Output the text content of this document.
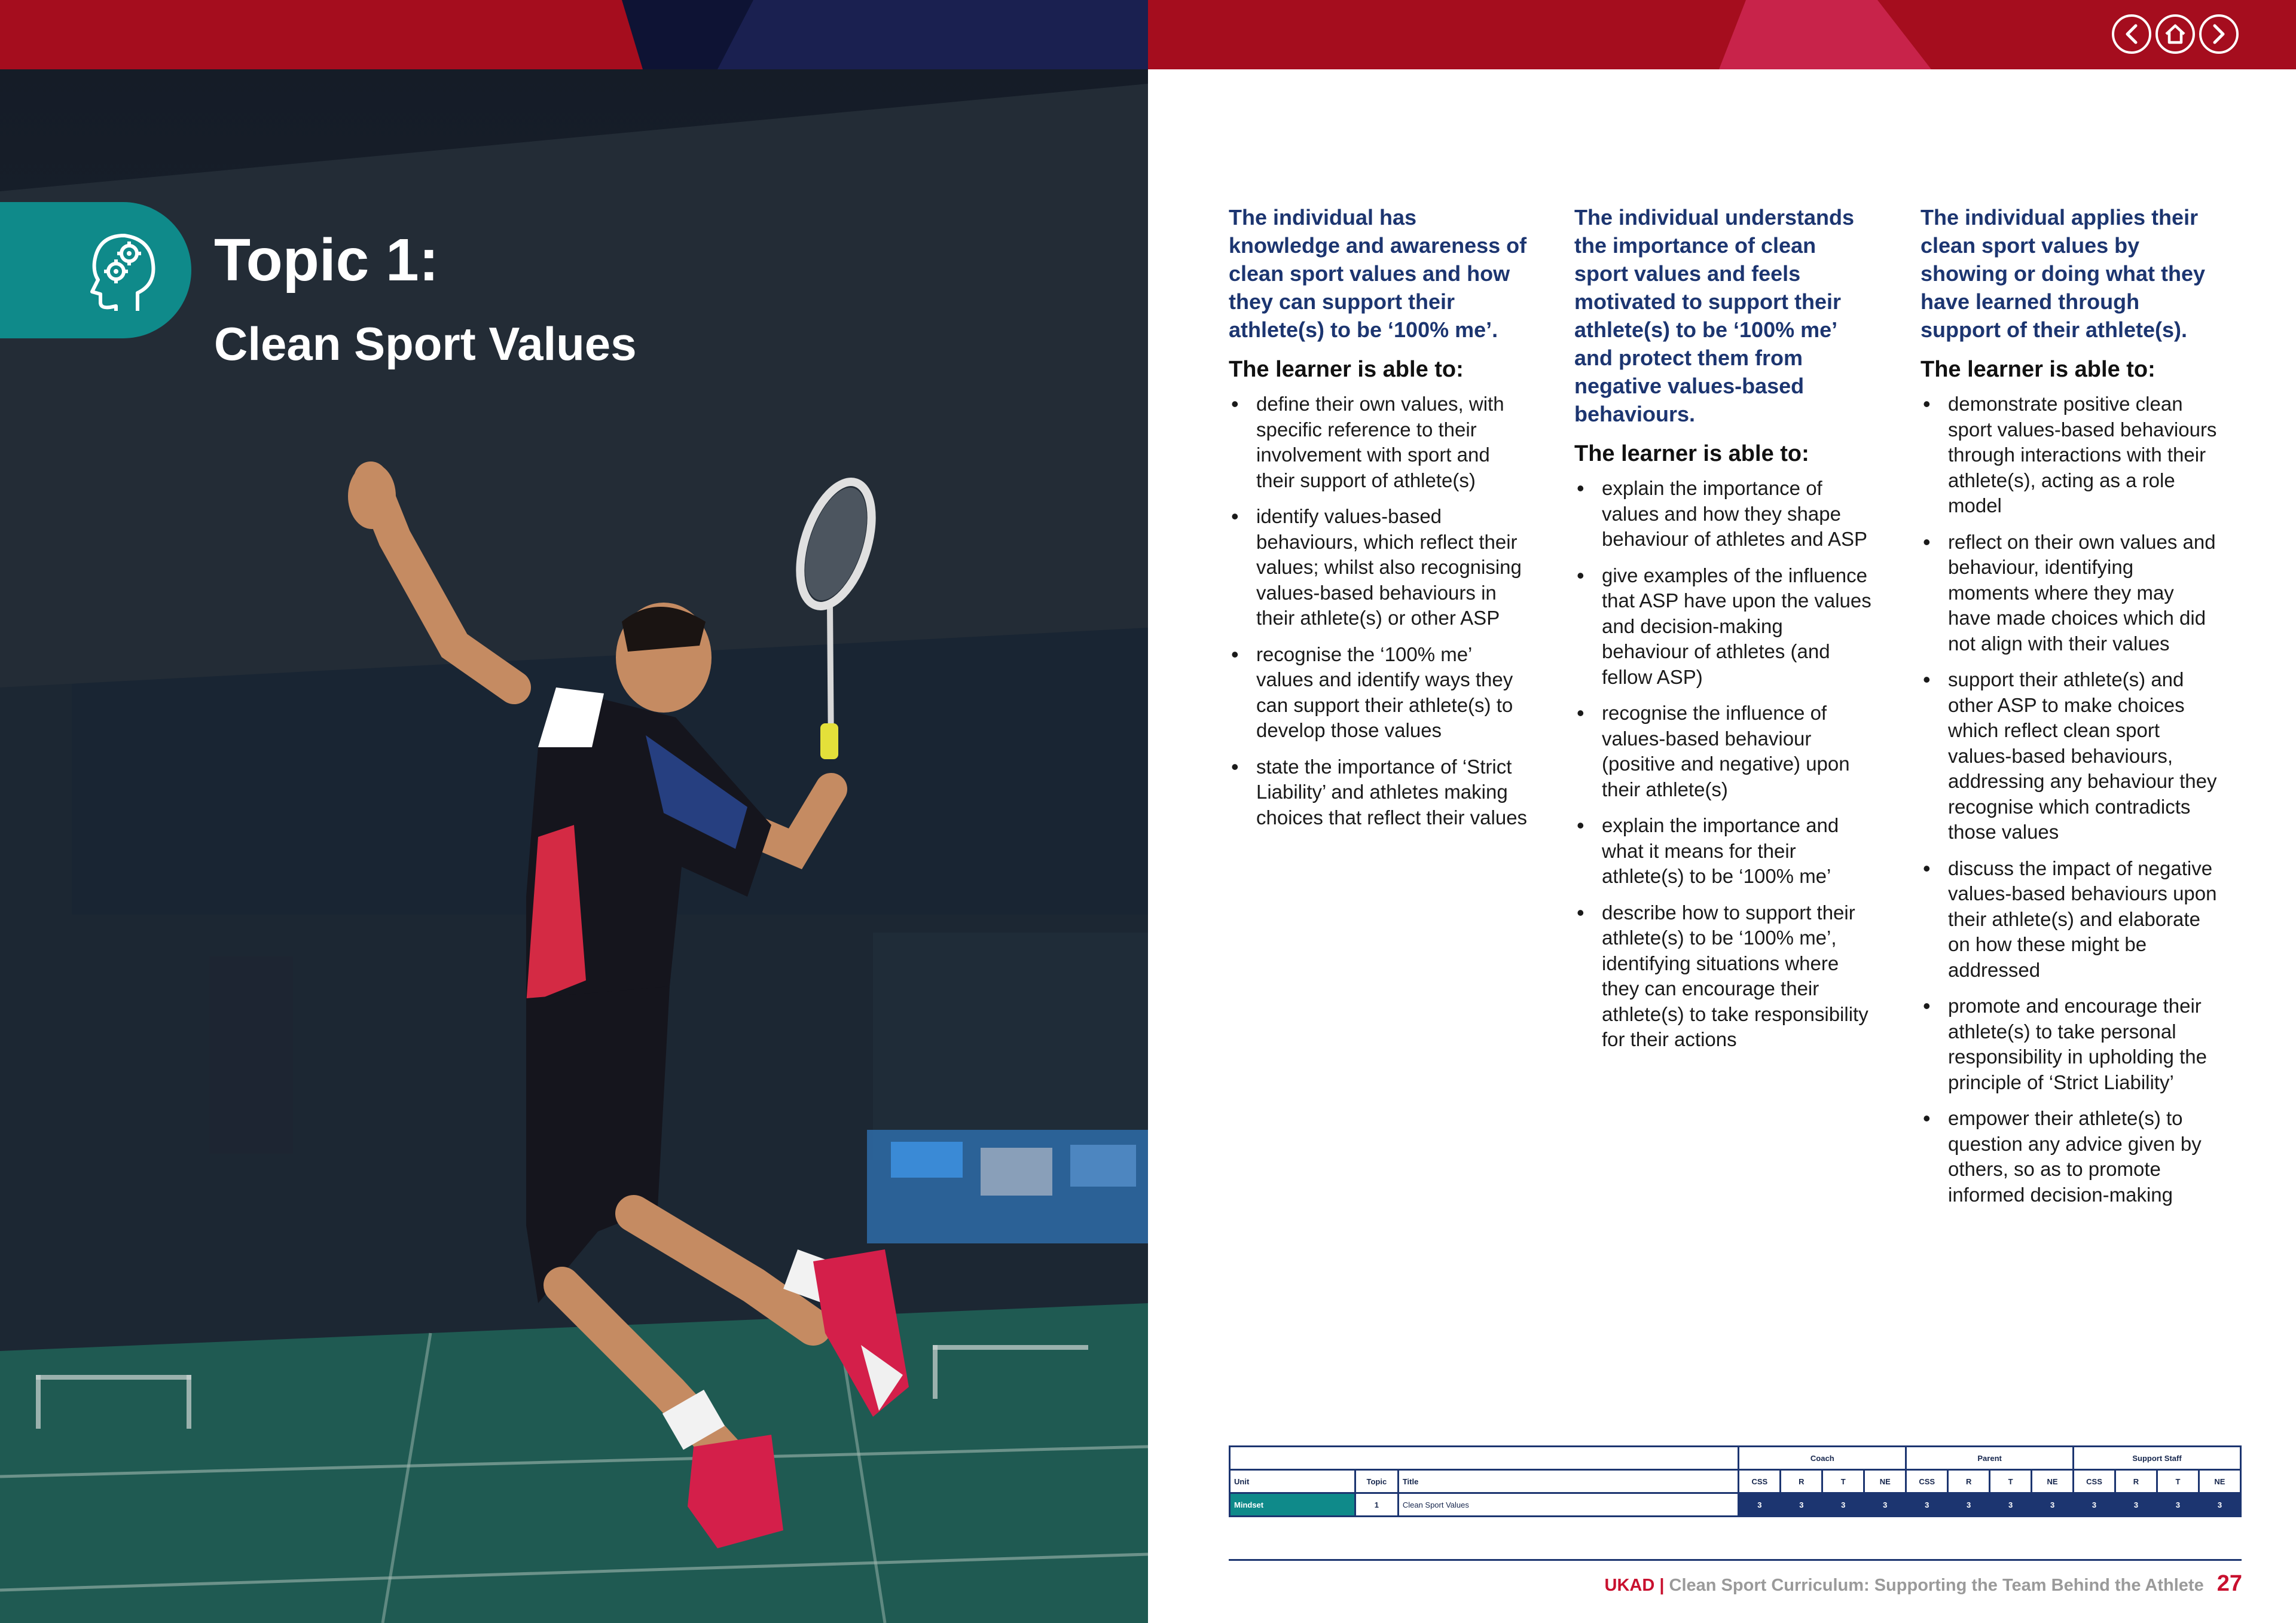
Topic 1:
Clean Sport Values
The individual has knowledge and awareness of clean sport values and how they can support their athlete(s) to be ‘100% me’.
The learner is able to:
• define their own values, with specific reference to their involvement with sport and their support of athlete(s)
• identify values-based behaviours, which reflect their values; whilst also recognising values-based behaviours in their athlete(s) or other ASP
• recognise the ‘100% me’ values and identify ways they can support their athlete(s) to develop those values
• state the importance of ‘Strict Liability’ and athletes making choices that reflect their values
The individual understands the importance of clean sport values and feels motivated to support their athlete(s) to be ‘100% me’ and protect them from negative values-based behaviours.
The learner is able to:
• explain the importance of values and how they shape behaviour of athletes and ASP
• give examples of the influence that ASP have upon the values and decision-making behaviour of athletes (and fellow ASP)
• recognise the influence of values-based behaviour (positive and negative) upon their athlete(s)
• explain the importance and what it means for their athlete(s) to be ‘100% me’
• describe how to support their athlete(s) to be ‘100% me’, identifying situations where they can encourage their athlete(s) to take responsibility for their actions
The individual applies their clean sport values by showing or doing what they have learned through support of their athlete(s).
The learner is able to:
• demonstrate positive clean sport values-based behaviours through interactions with their athlete(s), acting as a role model
• reflect on their own values and behaviour, identifying moments where they may have made choices which did not align with their values
• support their athlete(s) and other ASP to make choices which reflect clean sport values-based behaviours, addressing any behaviour they recognise which contradicts those values
• discuss the impact of negative values-based behaviours upon their athlete(s) and elaborate on how these might be addressed
• promote and encourage their athlete(s) to take personal responsibility in upholding the principle of ‘Strict Liability’
• empower their athlete(s) to question any advice given by others, so as to promote informed decision-making
			Coach				Parent				Support Staff			
Unit	Topic	Title	CSS	R	T	NE	CSS	R	T	NE	CSS	R	T	NE
Mindset	1	Clean Sport Values	3	3	3	3	3	3	3	3	3	3	3	3
UKAD | Clean Sport Curriculum: Supporting the Team Behind the Athlete 27
